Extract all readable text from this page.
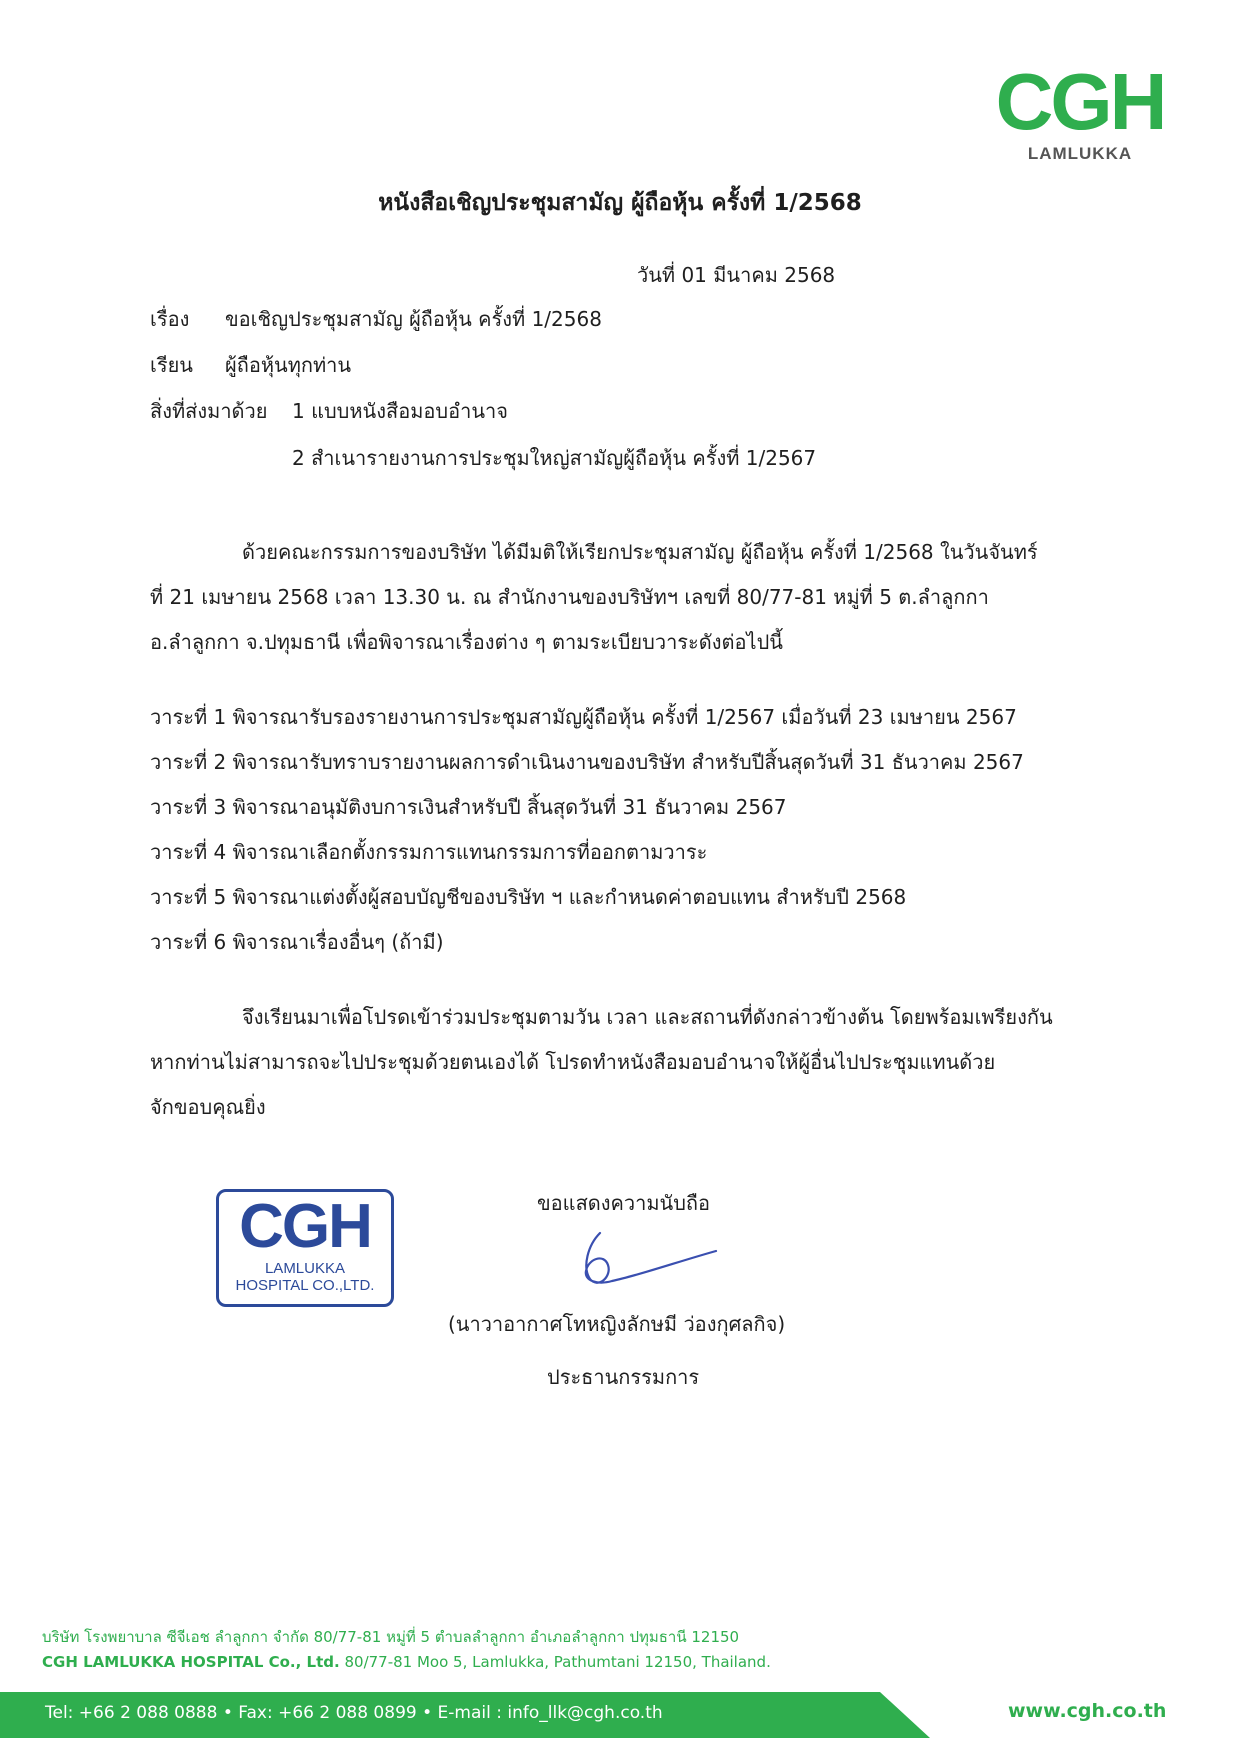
CGH
LAMLUKKA
หนังสือเชิญประชุมสามัญ ผู้ถือหุ้น ครั้งที่ 1/2568
วันที่ 01 มีนาคม 2568
เรื่อง ขอเชิญประชุมสามัญ ผู้ถือหุ้น ครั้งที่ 1/2568
เรียน ผู้ถือหุ้นทุกท่าน
สิ่งที่ส่งมาด้วย 1 แบบหนังสือมอบอำนาจ
2 สำเนารายงานการประชุมใหญ่สามัญผู้ถือหุ้น ครั้งที่ 1/2567
ด้วยคณะกรรมการของบริษัท ได้มีมติให้เรียกประชุมสามัญ ผู้ถือหุ้น ครั้งที่ 1/2568 ในวันจันทร์
ที่ 21 เมษายน 2568 เวลา 13.30 น. ณ สำนักงานของบริษัทฯ เลขที่ 80/77-81 หมู่ที่ 5 ต.ลำลูกกา
อ.ลำลูกกา จ.ปทุมธานี เพื่อพิจารณาเรื่องต่าง ๆ ตามระเบียบวาระดังต่อไปนี้
วาระที่ 1 พิจารณารับรองรายงานการประชุมสามัญผู้ถือหุ้น ครั้งที่ 1/2567 เมื่อวันที่ 23 เมษายน 2567
วาระที่ 2 พิจารณารับทราบรายงานผลการดำเนินงานของบริษัท สำหรับปีสิ้นสุดวันที่ 31 ธันวาคม 2567
วาระที่ 3 พิจารณาอนุมัติงบการเงินสำหรับปี สิ้นสุดวันที่ 31 ธันวาคม 2567
วาระที่ 4 พิจารณาเลือกตั้งกรรมการแทนกรรมการที่ออกตามวาระ
วาระที่ 5 พิจารณาแต่งตั้งผู้สอบบัญชีของบริษัท ฯ และกำหนดค่าตอบแทน สำหรับปี 2568
วาระที่ 6 พิจารณาเรื่องอื่นๆ (ถ้ามี)
จึงเรียนมาเพื่อโปรดเข้าร่วมประชุมตามวัน เวลา และสถานที่ดังกล่าวข้างต้น โดยพร้อมเพรียงกัน
หากท่านไม่สามารถจะไปประชุมด้วยตนเองได้ โปรดทำหนังสือมอบอำนาจให้ผู้อื่นไปประชุมแทนด้วย
จักขอบคุณยิ่ง
CGH
LAMLUKKA
HOSPITAL CO.,LTD.
ขอแสดงความนับถือ
(นาวาอากาศโทหญิงลักษมี ว่องกุศลกิจ)
ประธานกรรมการ
บริษัท โรงพยาบาล ซีจีเอช ลำลูกกา จำกัด 80/77-81 หมู่ที่ 5 ตำบลลำลูกกา อำเภอลำลูกกา ปทุมธานี 12150
CGH LAMLUKKA HOSPITAL Co., Ltd. 80/77-81 Moo 5, Lamlukka, Pathumtani 12150, Thailand.
Tel: +66 2 088 0888 • Fax: +66 2 088 0899 • E-mail : info_llk@cgh.co.th	www.cgh.co.th
